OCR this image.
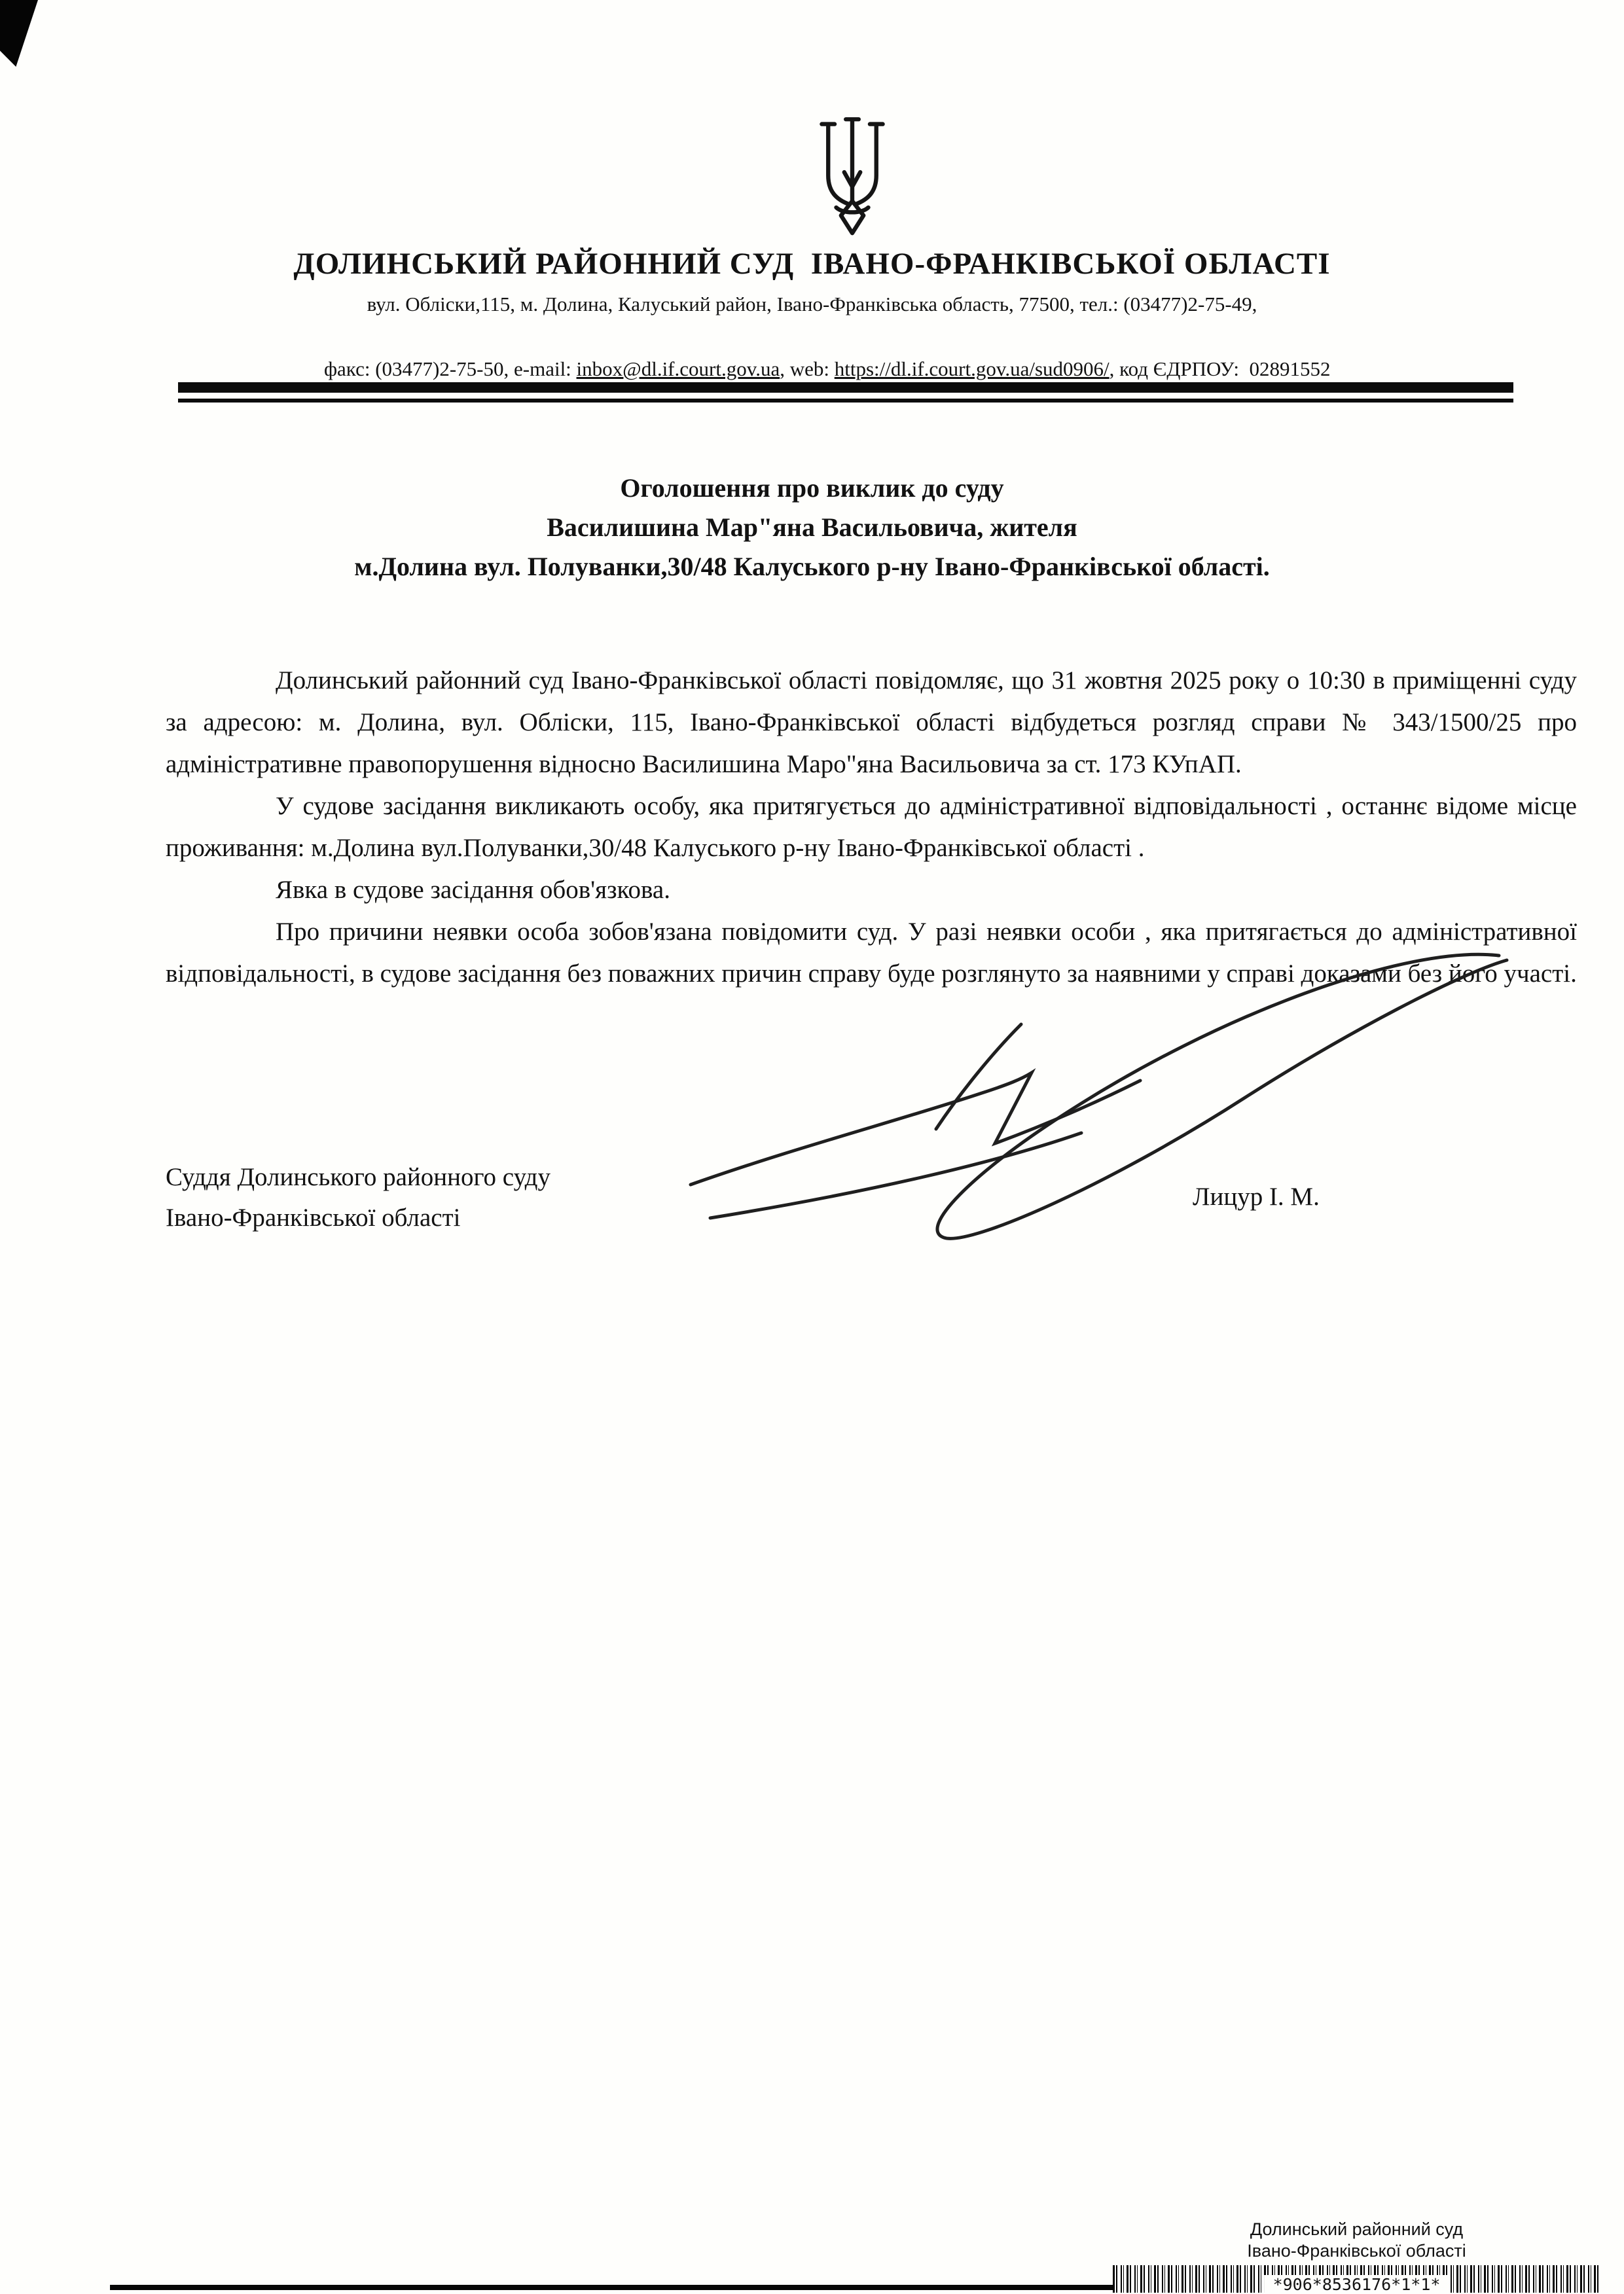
ДОЛИНСЬКИЙ РАЙОННИЙ СУД  ІВАНО-ФРАНКІВСЬКОЇ ОБЛАСТІ
вул. Обліски,115, м. Долина, Калуський район, Івано-Франківська область, 77500, тел.: (03477)2-75-49,

факс: (03477)2-75-50, e-mail: inbox@dl.if.court.gov.ua, web: https://dl.if.court.gov.ua/sud0906/, код ЄДРПОУ:  02891552

Оголошення про виклик до суду
Василишина Мар"яна Васильовича, жителя
м.Долина вул. Полуванки,30/48 Калуського р-ну Івано-Франківської області.

Долинський районний суд Івано-Франківської області повідомляє, що 31 жовтня 2025 року о 10:30 в приміщенні суду за адресою: м. Долина, вул. Обліски, 115, Івано-Франківської області відбудеться розгляд справи № 343/1500/25 про адміністративне правопорушення відносно Василишина Маро"яна Васильовича за ст. 173 КУпАП.

У судове засідання викликають особу, яка притягується до адміністративної відповідальності , останнє відоме місце проживання: м.Долина вул.Полуванки,30/48 Калуського р-ну Івано-Франківської області .

Явка в судове засідання обов'язкова.

Про причини неявки особа зобов'язана повідомити суд. У разі неявки особи , яка притягається до адміністративної відповідальності, в судове засідання без поважних причин справу буде розглянуто за наявними у справі доказами без його участі.

Суддя Долинського районного суду
Івано-Франківської області
Лицур І. М.
Долинський районний суд
Івано-Франківської області
*906*8536176*1*1*
